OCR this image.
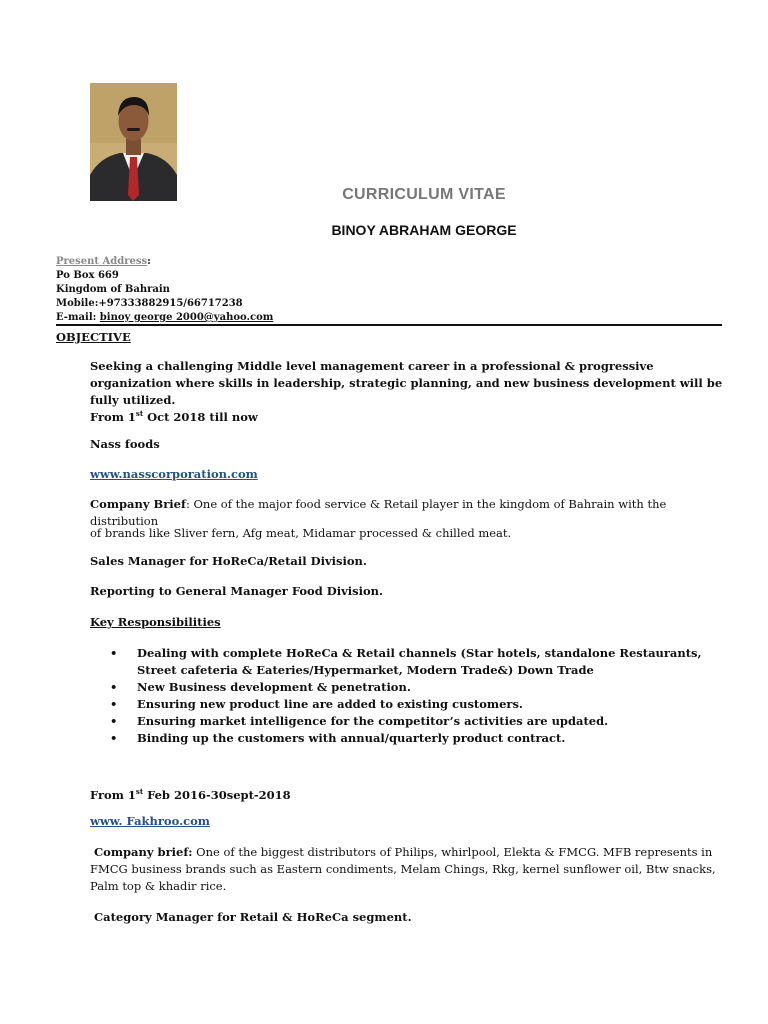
CURRICULUM VITAE
BINOY ABRAHAM GEORGE
Present Address:
Po Box 669
Kingdom of Bahrain
Mobile:+97333882915/66717238
E-mail: binoy george 2000@yahoo.com
OBJECTIVE
Seeking a challenging Middle level management career in a professional & progressive organization where skills in leadership, strategic planning, and new business development will be fully utilized.
From 1st Oct 2018 till now
Nass foods
www.nasscorporation.com
Company Brief: One of the major food service & Retail player in the kingdom of Bahrain with the distribution
of brands like Sliver fern, Afg meat, Midamar processed & chilled meat.
Sales Manager for HoReCa/Retail Division.
Reporting to General Manager Food Division.
Key Responsibilities
• Dealing with complete HoReCa & Retail channels (Star hotels, standalone Restaurants, Street cafeteria & Eateries/Hypermarket, Modern Trade&) Down Trade
• New Business development & penetration.
• Ensuring new product line are added to existing customers.
• Ensuring market intelligence for the competitor’s activities are updated.
• Binding up the customers with annual/quarterly product contract.
From 1st Feb 2016-30sept-2018
www. Fakhroo.com
Company brief: One of the biggest distributors of Philips, whirlpool, Elekta & FMCG. MFB represents in FMCG business brands such as Eastern condiments, Melam Chings, Rkg, kernel sunflower oil, Btw snacks, Palm top & khadir rice.
Category Manager for Retail & HoReCa segment.
